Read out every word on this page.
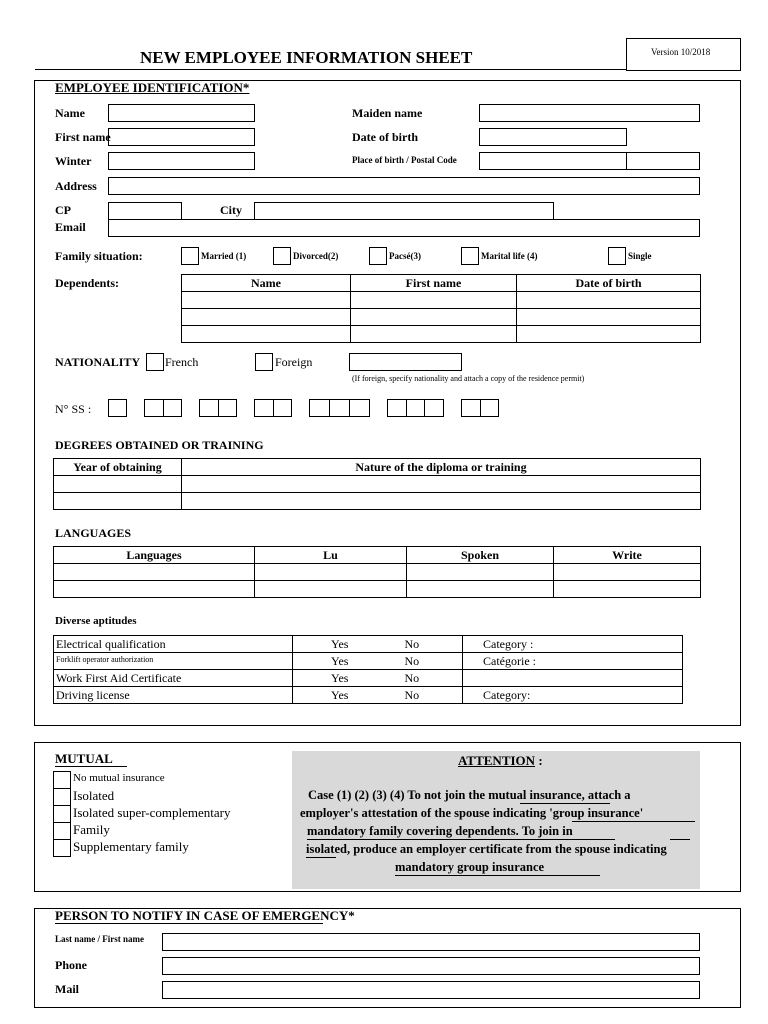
NEW EMPLOYEE INFORMATION SHEET	Version 10/2018
EMPLOYEE IDENTIFICATION*
Name	Maiden name
First name	Date of birth
Winter	Place of birth / Postal Code
Address
CP	City
Email
Family situation:	Married (1)	Divorced(2)	Pacsé(3)	Marital life (4)	Single
Dependents:	Name	First name	Date of birth

NATIONALITY French	Foreign
(If foreign, specify nationality and attach a copy of the residence permit)
N° SS :
DEGREES OBTAINED OR TRAINING
Year of obtaining	Nature of the diploma or training

LANGUAGES
Languages	Lu	Spoken	Write

Diverse aptitudes
Electrical qualification	Yes	No	Category :
Forklift operator authorization	Yes	No	Catégorie :
Work First Aid Certificate	Yes	No	
Driving license	Yes	No	Category:
MUTUAL
No mutual insurance
Isolated
Isolated super-complementary
Family
Supplementary family
ATTENTION :
Case (1) (2) (3) (4) To not join the mutual insurance, attach a
employer's attestation of the spouse indicating 'group insurance'
mandatory family covering dependents. To join in
isolated, produce an employer certificate from the spouse indicating
mandatory group insurance
PERSON TO NOTIFY IN CASE OF EMERGENCY*
Last name / First name
Phone
Mail
